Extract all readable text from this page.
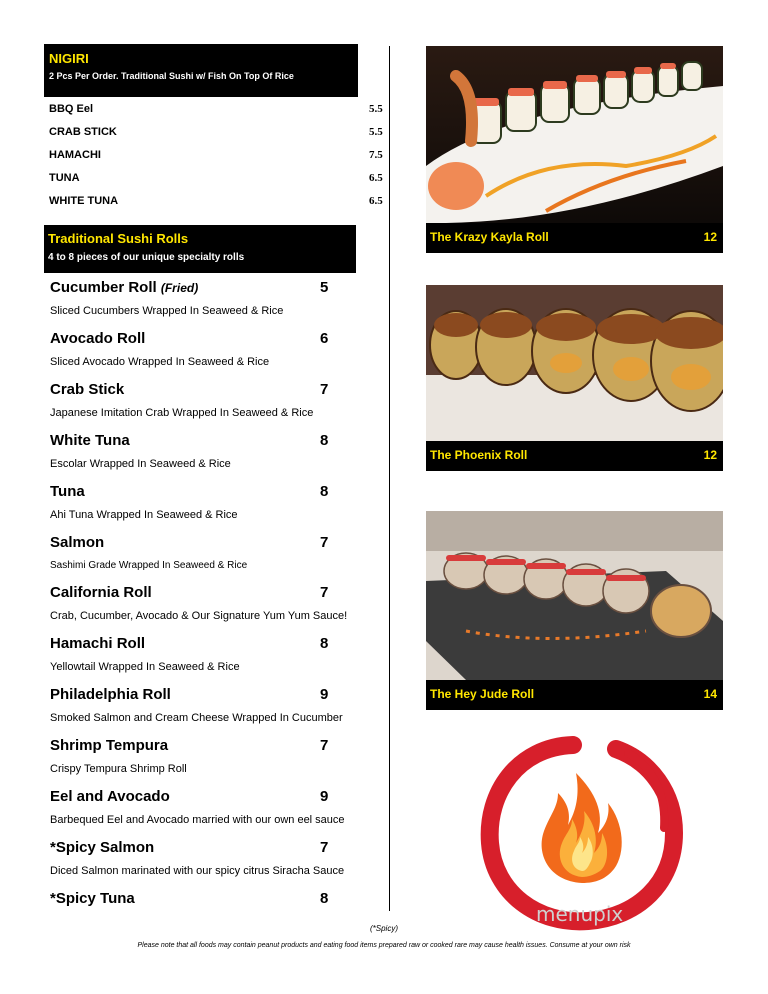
NIGIRI
2 Pcs Per Order. Traditional Sushi w/ Fish On Top Of Rice
BBQ Eel	5.5
CRAB STICK	5.5
HAMACHI	7.5
TUNA	6.5
WHITE TUNA	6.5
Traditional Sushi Rolls
4 to 8 pieces of our unique specialty rolls
Cucumber Roll (Fried)	5
Sliced Cucumbers Wrapped In Seaweed & Rice
Avocado Roll	6
Sliced Avocado Wrapped In Seaweed & Rice
Crab Stick	7
Japanese Imitation Crab Wrapped In Seaweed & Rice
White Tuna	8
Escolar Wrapped In Seaweed & Rice
Tuna	8
Ahi Tuna Wrapped In Seaweed & Rice
Salmon	7
Sashimi Grade Wrapped In Seaweed & Rice
California Roll	7
Crab, Cucumber, Avocado & Our Signature Yum Yum Sauce!
Hamachi Roll	8
Yellowtail Wrapped In Seaweed & Rice
Philadelphia Roll	9
Smoked Salmon and Cream Cheese Wrapped In Cucumber
Shrimp Tempura	7
Crispy Tempura Shrimp Roll
Eel and Avocado	9
Barbequed Eel and Avocado married with our own eel sauce
*Spicy Salmon	7
Diced Salmon marinated with our spicy citrus Siracha Sauce
*Spicy Tuna	8
The Krazy Kayla Roll	12
The Phoenix Roll	12
The Hey Jude Roll	14
menupix
(*Spicy)
Please note that all foods may contain peanut products and eating food items prepared raw or cooked rare may cause health issues. Consume at your own risk
